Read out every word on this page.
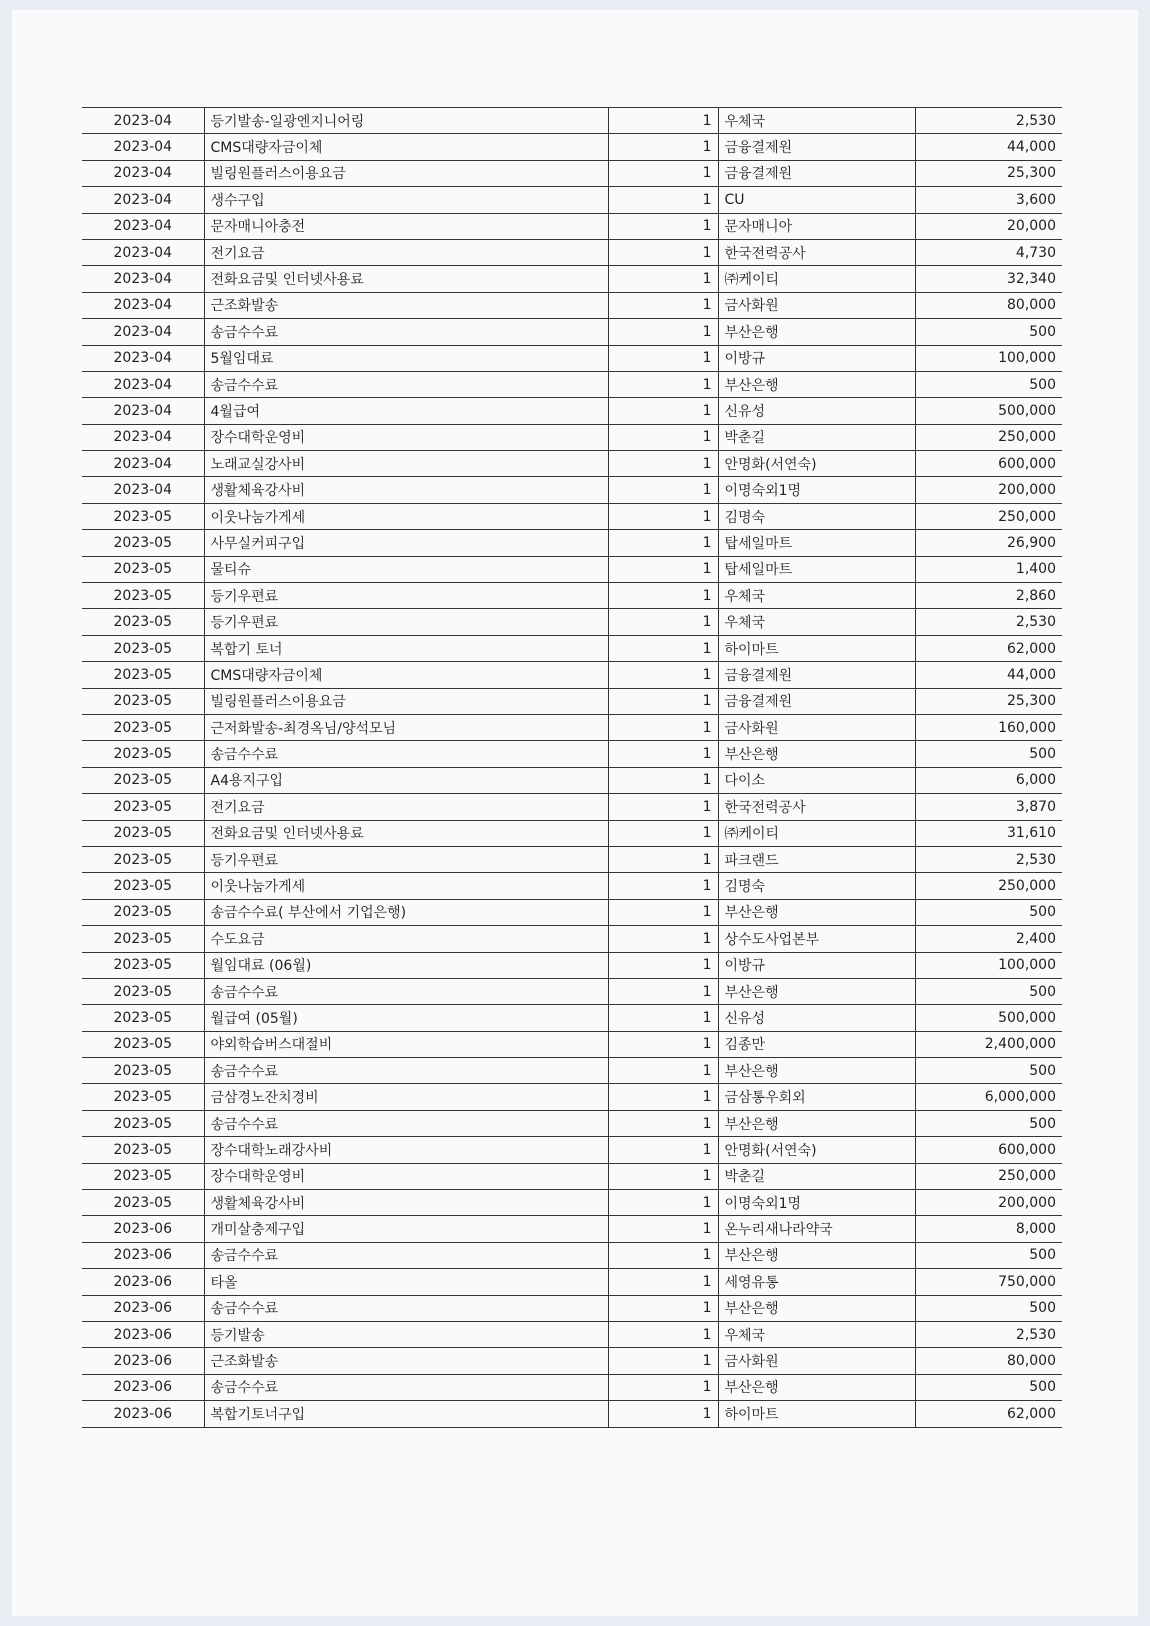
2023-04	등기발송-일광엔지니어링	1	우체국	2,530
2023-04	CMS대량자금이체	1	금융결제원	44,000
2023-04	빌링원플러스이용요금	1	금융결제원	25,300
2023-04	생수구입	1	CU	3,600
2023-04	문자매니아충전	1	문자매니아	20,000
2023-04	전기요금	1	한국전력공사	4,730
2023-04	전화요금및 인터넷사용료	1	㈜케이티	32,340
2023-04	근조화발송	1	금사화원	80,000
2023-04	송금수수료	1	부산은행	500
2023-04	5월임대료	1	이방규	100,000
2023-04	송금수수료	1	부산은행	500
2023-04	4월급여	1	신유성	500,000
2023-04	장수대학운영비	1	박춘길	250,000
2023-04	노래교실강사비	1	안명화(서연숙)	600,000
2023-04	생활체육강사비	1	이명숙외1명	200,000
2023-05	이웃나눔가게세	1	김명숙	250,000
2023-05	사무실커피구입	1	탑세일마트	26,900
2023-05	물티슈	1	탑세일마트	1,400
2023-05	등기우편료	1	우체국	2,860
2023-05	등기우편료	1	우체국	2,530
2023-05	복합기 토너	1	하이마트	62,000
2023-05	CMS대량자금이체	1	금융결제원	44,000
2023-05	빌링원플러스이용요금	1	금융결제원	25,300
2023-05	근저화발송-최경옥님/양석모님	1	금사화원	160,000
2023-05	송금수수료	1	부산은행	500
2023-05	A4용지구입	1	다이소	6,000
2023-05	전기요금	1	한국전력공사	3,870
2023-05	전화요금및 인터넷사용료	1	㈜케이티	31,610
2023-05	등기우편료	1	파크랜드	2,530
2023-05	이웃나눔가게세	1	김명숙	250,000
2023-05	송금수수료( 부산에서 기업은행)	1	부산은행	500
2023-05	수도요금	1	상수도사업본부	2,400
2023-05	월임대료 (06월)	1	이방규	100,000
2023-05	송금수수료	1	부산은행	500
2023-05	월급여 (05월)	1	신유성	500,000
2023-05	야외학습버스대절비	1	김종만	2,400,000
2023-05	송금수수료	1	부산은행	500
2023-05	금삼경노잔치경비	1	금삼통우회외	6,000,000
2023-05	송금수수료	1	부산은행	500
2023-05	장수대학노래강사비	1	안명화(서연숙)	600,000
2023-05	장수대학운영비	1	박춘길	250,000
2023-05	생활체육강사비	1	이명숙외1명	200,000
2023-06	개미살충제구입	1	온누리새나라약국	8,000
2023-06	송금수수료	1	부산은행	500
2023-06	타올	1	세영유통	750,000
2023-06	송금수수료	1	부산은행	500
2023-06	등기발송	1	우체국	2,530
2023-06	근조화발송	1	금사화원	80,000
2023-06	송금수수료	1	부산은행	500
2023-06	복합기토너구입	1	하이마트	62,000
